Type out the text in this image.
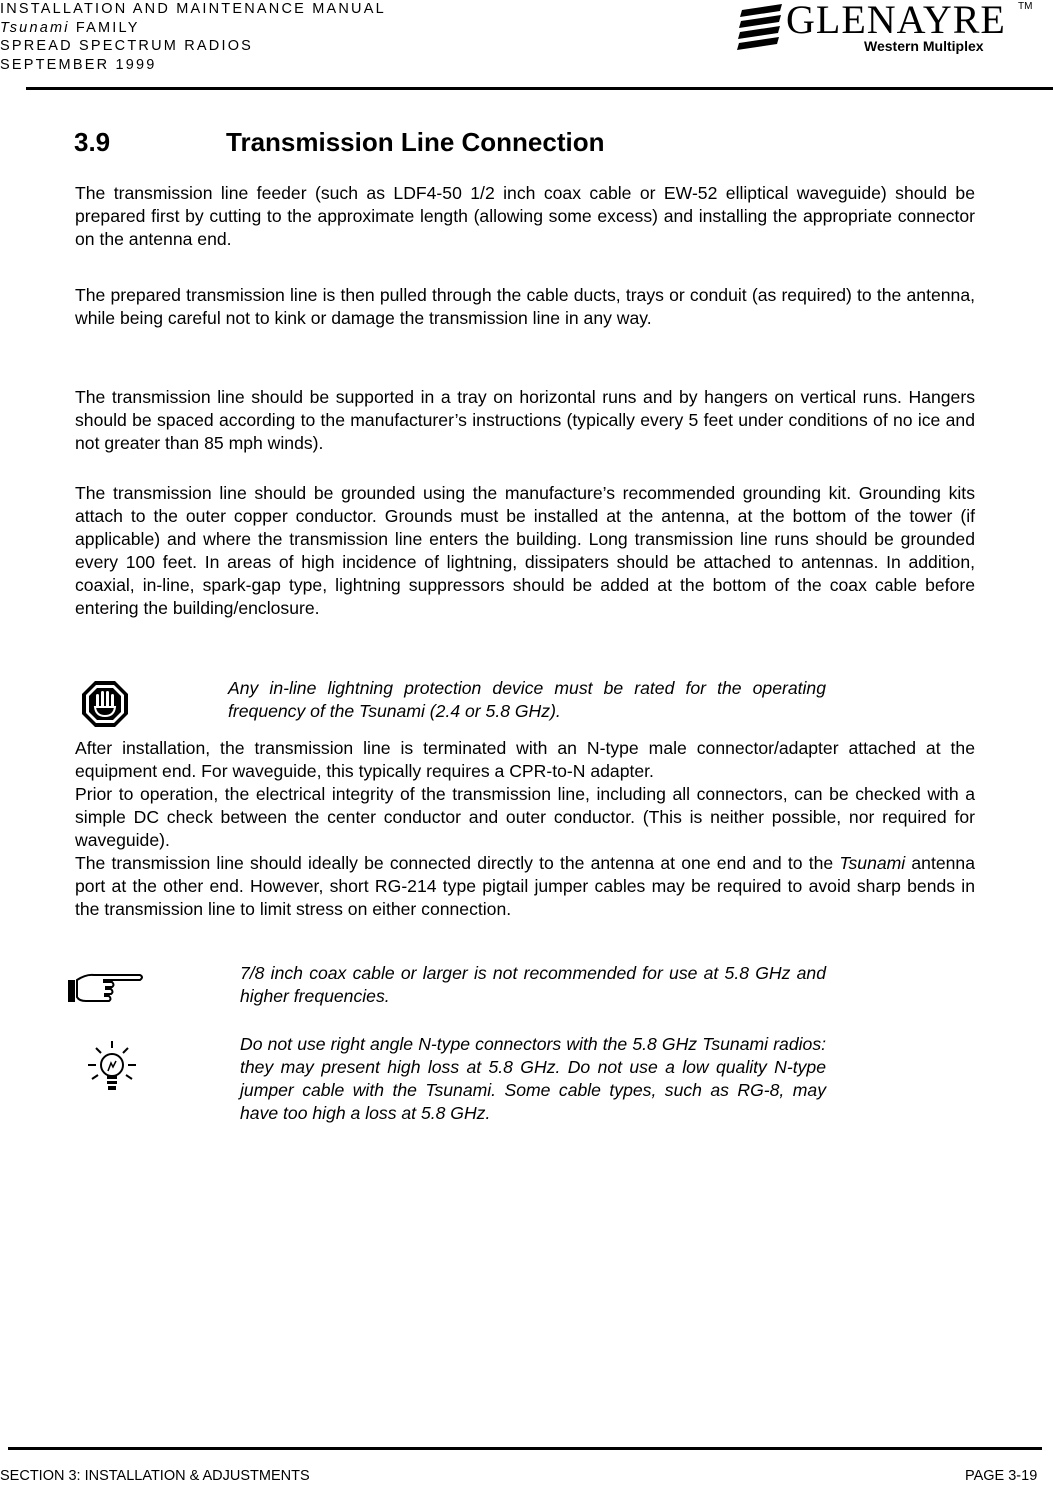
INSTALLATION AND MAINTENANCE MANUAL
Tsunami FAMILY
SPREAD SPECTRUM RADIOS
SEPTEMBER 1999
GLENAYRE TM
Western Multiplex
3.9	Transmission Line Connection

The transmission line feeder (such as LDF4-50 1/2 inch coax cable or EW-52 elliptical waveguide) should be prepared first by cutting to the approximate length (allowing some excess) and installing the appropriate connector on the antenna end.

The prepared transmission line is then pulled through the cable ducts, trays or conduit (as required) to the antenna, while being careful not to kink or damage the transmission line in any way.

The transmission line should be supported in a tray on horizontal runs and by hangers on vertical runs. Hangers should be spaced according to the manufacturer’s instructions (typically every 5 feet under conditions of no ice and not greater than 85 mph winds).

The transmission line should be grounded using the manufacture’s recommended grounding kit. Grounding kits attach to the outer copper conductor. Grounds must be installed at the antenna, at the bottom of the tower (if applicable) and where the transmission line enters the building. Long transmission line runs should be grounded every 100 feet. In areas of high incidence of lightning, dissipaters should be attached to antennas. In addition, coaxial, in-line, spark-gap type, lightning suppressors should be added at the bottom of the coax cable before entering the building/enclosure.

Any in-line lightning protection device must be rated for the operating frequency of the Tsunami (2.4 or 5.8 GHz).

After installation, the transmission line is terminated with an N-type male connector/adapter attached at the equipment end. For waveguide, this typically requires a CPR-to-N adapter.

Prior to operation, the electrical integrity of the transmission line, including all connectors, can be checked with a simple DC check between the center conductor and outer conductor. (This is neither possible, nor required for waveguide).

The transmission line should ideally be connected directly to the antenna at one end and to the Tsunami antenna port at the other end. However, short RG-214 type pigtail jumper cables may be required to avoid sharp bends in the transmission line to limit stress on either connection.

7/8 inch coax cable or larger is not recommended for use at 5.8 GHz and higher frequencies.
Do not use right angle N-type connectors with the 5.8 GHz Tsunami radios: they may present high loss at 5.8 GHz. Do not use a low quality N-type jumper cable with the Tsunami. Some cable types, such as RG-8, may have too high a loss at 5.8 GHz.
SECTION 3: INSTALLATION & ADJUSTMENTS	PAGE 3-19
